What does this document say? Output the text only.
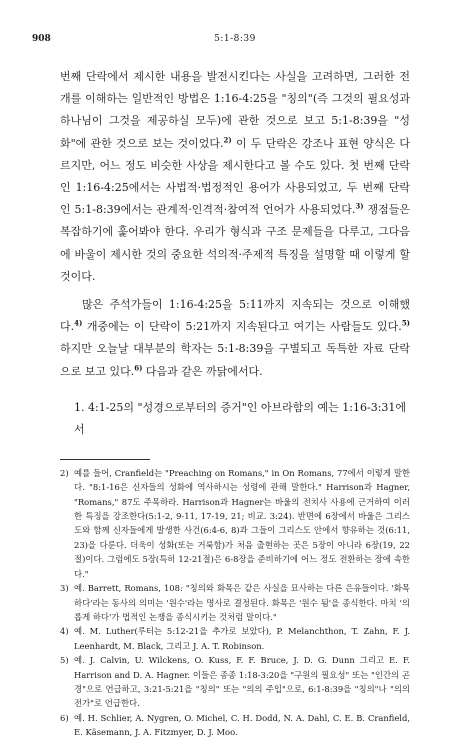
908	5:1-8:39

번째 단락에서 제시한 내용을 발전시킨다는 사실을 고려하면, 그러한 전개를 이해하는 일반적인 방법은 1:16-4:25을 "칭의"(즉 그것의 필요성과 하나님이 그것을 제공하실 모두)에 관한 것으로 보고 5:1-8:39을 "성화"에 관한 것으로 보는 것이었다.$^{2)}$ 이 두 단락은 강조나 표현 양식은 다르지만, 어느 정도 비슷한 사상을 제시한다고 볼 수도 있다. 첫 번째 단락인 1:16-4:25에서는 사법적·법정적인 용어가 사용되었고, 두 번째 단락인 5:1-8:39에서는 관계적·인격적·참여적 언어가 사용되었다.$^{3)}$ 쟁점들은 복잡하기에 훑어봐야 한다. 우리가 형식과 구조 문제들을 다루고, 그다음에 바울이 제시한 것의 중요한 석의적·주제적 특징을 설명할 때 이렇게 할 것이다.

많은 주석가들이 1:16-4:25을 5:11까지 지속되는 것으로 이해했다.$^{4)}$ 개중에는 이 단락이 5:21까지 지속된다고 여기는 사람들도 있다.$^{5)}$ 하지만 오늘날 대부분의 학자는 5:1-8:39을 구별되고 독특한 자료 단락으로 보고 있다.$^{6)}$ 다음과 같은 까닭에서다.

1. 4:1-25의 "성경으로부터의 증거"인 아브라함의 예는 1:16-3:31에서

2) 예를 들어, Cranfield는 "Preaching on Romans," in On Romans, 77에서 이렇게 말한다. "8:1-16은 신자들의 성화에 역사하시는 성령에 관해 말한다." Harrison과 Hagner, "Romans," 87도 주목하라. Harrison과 Hagner는 바울의 전치사 사용에 근거하여 이러한 특징을 강조한다(5:1-2, 9-11, 17-19, 21; 비교. 3:24). 반면에 6장에서 바울은 그리스도와 함께 신자들에게 발생한 사건(6:4-6, 8)과 그들이 그리스도 안에서 향유하는 것(6:11, 23)을 다룬다. 더욱이 성화(또는 거룩함)가 처음 출현하는 곳은 5장이 아니라 6장(19, 22절)이다. 그럼에도 5장(특히 12-21절)은 6-8장을 준비하기에 어느 정도 전환하는 장에 속한다."
3) 예. Barrett, Romans, 108: "칭의와 화목은 같은 사실을 묘사하는 다른 은유들이다. '화목하다'라는 동사의 의미는 '원수'라는 명사로 결정된다. 화목은 '원수 됨'을 종식한다. 마치 '의롭게 하다'가 법적인 논쟁을 종식시키는 것처럼 말이다."
4) 예. M. Luther(루터는 5:12-21을 추가로 보았다), P. Melanchthon, T. Zahn, F. J. Leenhardt, M. Black, 그리고 J. A. T. Robinson.
5) 예. J. Calvin, U. Wilckens, O. Kuss, F. F. Bruce, J. D. G. Dunn 그리고 E. F. Harrison and D. A. Hagner. 이들은 종종 1:18-3:20을 "구원의 필요성" 또는 "인간의 곤경"으로 언급하고, 3:21-5:21을 "칭의" 또는 "의의 주입"으로, 6:1-8:39을 "칭의"나 "의의 전가"로 언급한다.
6) 예. H. Schlier, A. Nygren, O. Michel, C. H. Dodd, N. A. Dahl, C. E. B. Cranfield, E. Käsemann, J. A. Fitzmyer, D. J. Moo.
